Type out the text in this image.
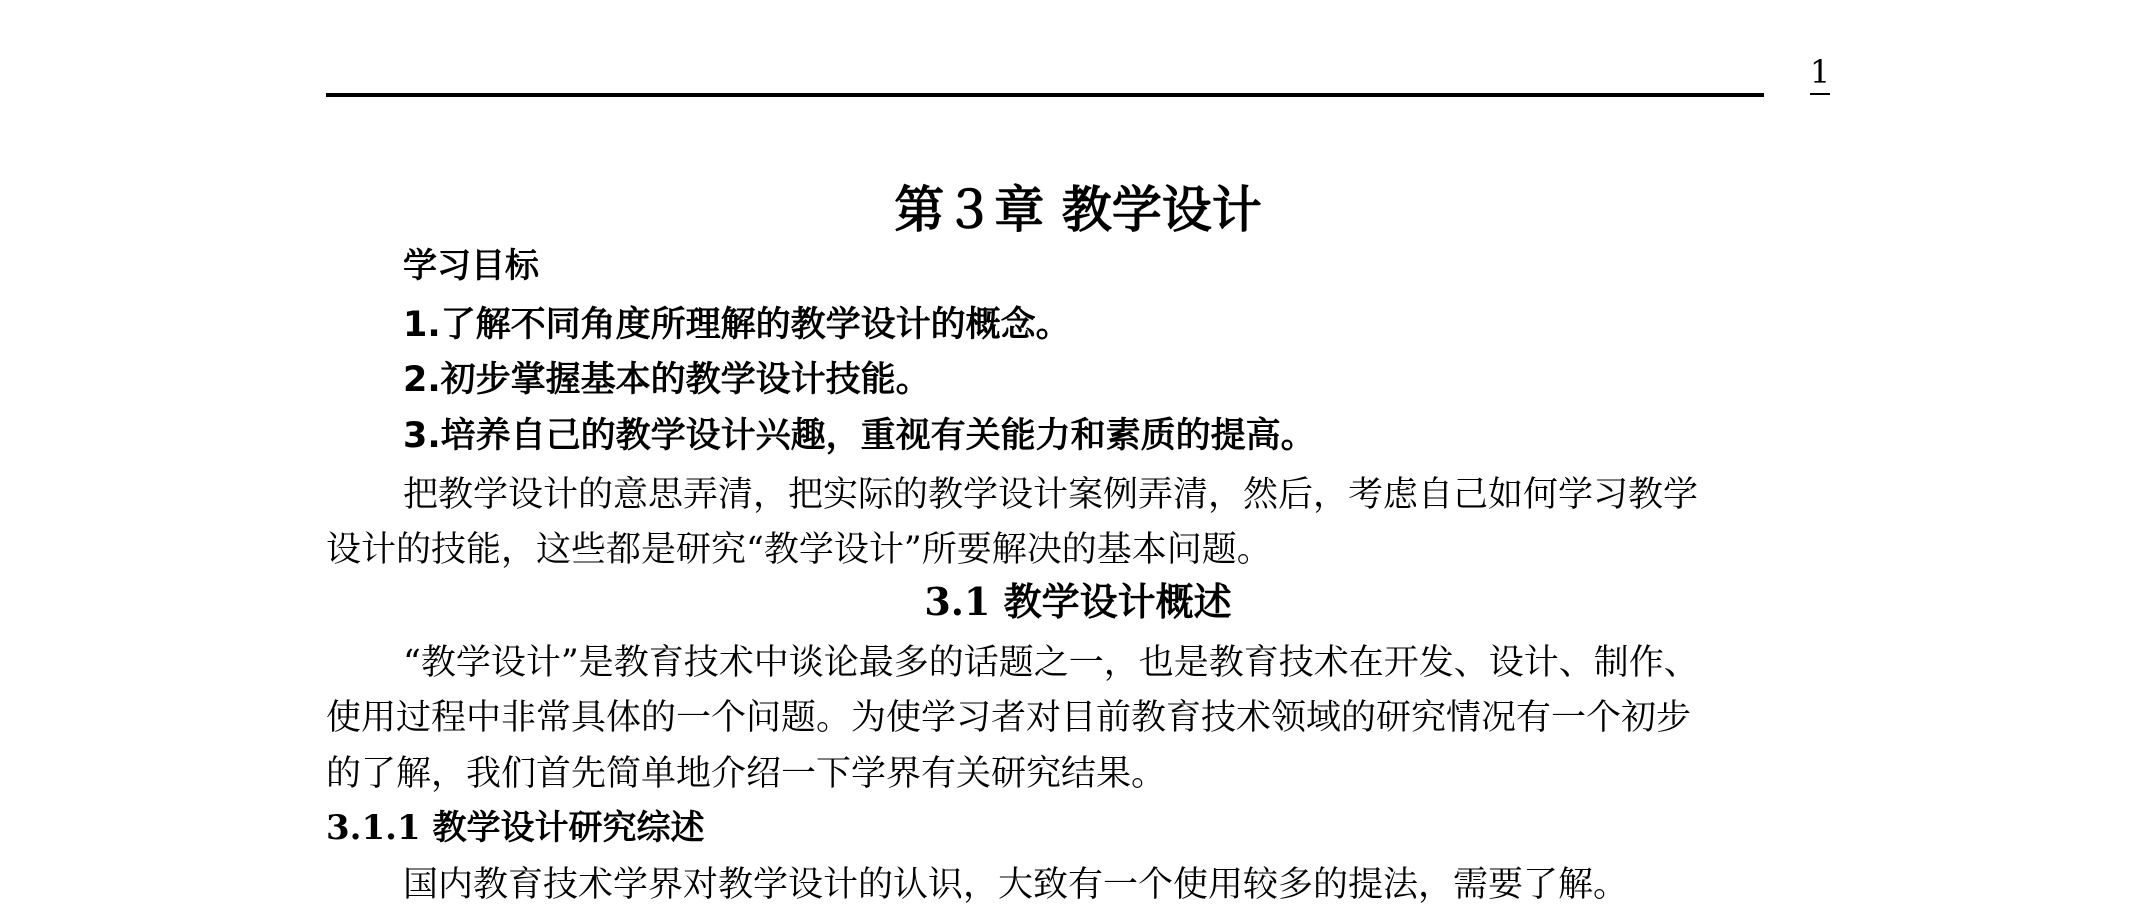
1
第３章 教学设计
学习目标
1.了解不同角度所理解的教学设计的概念。
2.初步掌握基本的教学设计技能。
3.培养自己的教学设计兴趣，重视有关能力和素质的提高。
把教学设计的意思弄清，把实际的教学设计案例弄清，然后，考虑自己如何学习教学
设计的技能，这些都是研究“教学设计”所要解决的基本问题。
3.1 教学设计概述
“教学设计”是教育技术中谈论最多的话题之一，也是教育技术在开发、设计、制作、
使用过程中非常具体的一个问题。为使学习者对目前教育技术领域的研究情况有一个初步
的了解，我们首先简单地介绍一下学界有关研究结果。
3.1.1 教学设计研究综述
国内教育技术学界对教学设计的认识，大致有一个使用较多的提法，需要了解。
